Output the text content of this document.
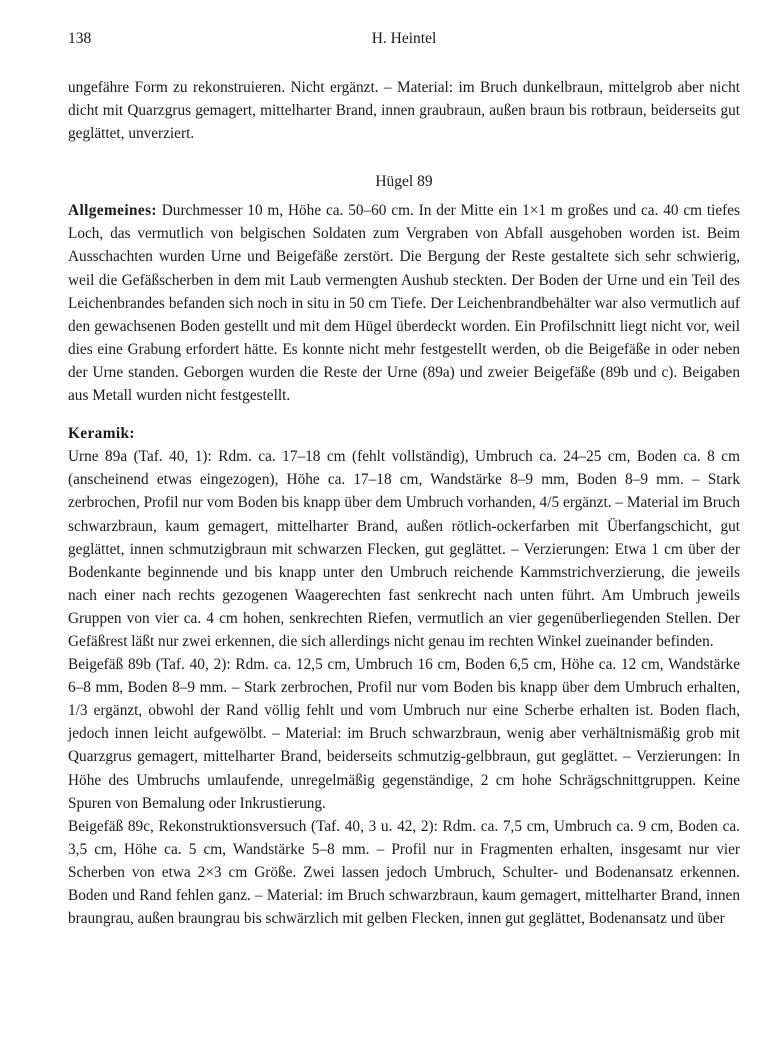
138	H. Heintel

ungefähre Form zu rekonstruieren. Nicht ergänzt. – Material: im Bruch dunkelbraun, mittelgrob aber nicht dicht mit Quarzgrus gemagert, mittelharter Brand, innen graubraun, außen braun bis rotbraun, beiderseits gut geglättet, unverziert.

Hügel 89

Allgemeines: Durchmesser 10 m, Höhe ca. 50–60 cm. In der Mitte ein 1×1 m großes und ca. 40 cm tiefes Loch, das vermutlich von belgischen Soldaten zum Vergraben von Abfall ausgehoben worden ist. Beim Ausschachten wurden Urne und Beigefäße zerstört. Die Bergung der Reste gestaltete sich sehr schwierig, weil die Gefäßscherben in dem mit Laub vermengten Aushub steckten. Der Boden der Urne und ein Teil des Leichenbrandes befanden sich noch in situ in 50 cm Tiefe. Der Leichenbrandbehälter war also vermutlich auf den gewachsenen Boden gestellt und mit dem Hügel überdeckt worden. Ein Profilschnitt liegt nicht vor, weil dies eine Grabung erfordert hätte. Es konnte nicht mehr festgestellt werden, ob die Beigefäße in oder neben der Urne standen. Geborgen wurden die Reste der Urne (89a) und zweier Beigefäße (89b und c). Beigaben aus Metall wurden nicht festgestellt.

Keramik:

Urne 89a (Taf. 40, 1): Rdm. ca. 17–18 cm (fehlt vollständig), Umbruch ca. 24–25 cm, Boden ca. 8 cm (anscheinend etwas eingezogen), Höhe ca. 17–18 cm, Wandstärke 8–9 mm, Boden 8–9 mm. – Stark zerbrochen, Profil nur vom Boden bis knapp über dem Umbruch vorhanden, 4/5 ergänzt. – Material im Bruch schwarzbraun, kaum gemagert, mittelharter Brand, außen rötlich-ockerfarben mit Überfangschicht, gut geglättet, innen schmutzigbraun mit schwarzen Flecken, gut geglättet. – Verzierungen: Etwa 1 cm über der Bodenkante beginnende und bis knapp unter den Umbruch reichende Kammstrichverzierung, die jeweils nach einer nach rechts gezogenen Waagerechten fast senkrecht nach unten führt. Am Umbruch jeweils Gruppen von vier ca. 4 cm hohen, senkrechten Riefen, vermutlich an vier gegenüberliegenden Stellen. Der Gefäßrest läßt nur zwei erkennen, die sich allerdings nicht genau im rechten Winkel zueinander befinden.

Beigefäß 89b (Taf. 40, 2): Rdm. ca. 12,5 cm, Umbruch 16 cm, Boden 6,5 cm, Höhe ca. 12 cm, Wandstärke 6–8 mm, Boden 8–9 mm. – Stark zerbrochen, Profil nur vom Boden bis knapp über dem Umbruch erhalten, 1/3 ergänzt, obwohl der Rand völlig fehlt und vom Umbruch nur eine Scherbe erhalten ist. Boden flach, jedoch innen leicht aufgewölbt. – Material: im Bruch schwarzbraun, wenig aber verhältnismäßig grob mit Quarzgrus gemagert, mittelharter Brand, beiderseits schmutzig-gelbbraun, gut geglättet. – Verzierungen: In Höhe des Umbruchs umlaufende, unregelmäßig gegenständige, 2 cm hohe Schrägschnittgruppen. Keine Spuren von Bemalung oder Inkrustierung.

Beigefäß 89c, Rekonstruktionsversuch (Taf. 40, 3 u. 42, 2): Rdm. ca. 7,5 cm, Umbruch ca. 9 cm, Boden ca. 3,5 cm, Höhe ca. 5 cm, Wandstärke 5–8 mm. – Profil nur in Fragmenten erhalten, insgesamt nur vier Scherben von etwa 2×3 cm Größe. Zwei lassen jedoch Umbruch, Schulter- und Bodenansatz erkennen. Boden und Rand fehlen ganz. – Material: im Bruch schwarzbraun, kaum gemagert, mittelharter Brand, innen braungrau, außen braungrau bis schwärzlich mit gelben Flecken, innen gut geglättet, Bodenansatz und über
